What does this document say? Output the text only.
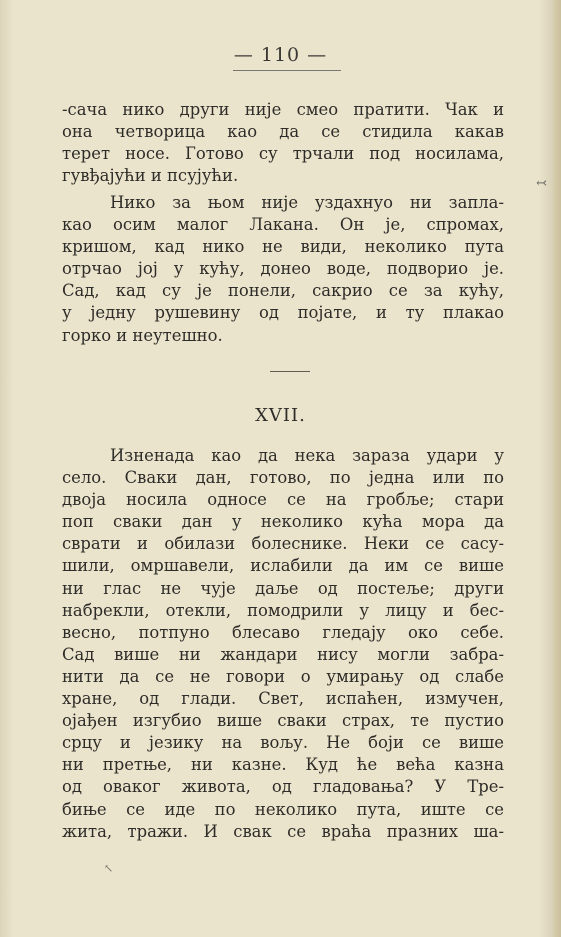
— 110 —
-сача нико други није смео пратити. Чак и
она четворица као да се стидила какав
терет носе. Готово су трчали под носилама,
гувђајући и псујући.
Нико за њом није уздахнуо ни запла-
као осим малог Лакана. Он је, спромах,
кришом, кад нико не види, неколико пута
отрчао јој у кућу, донео воде, подворио је.
Сад, кад су је понели, сакрио се за кућу,
у једну рушевину од појате, и ту плакао
горко и неутешно.
XVII.
Изненада као да нека зараза удари у
село. Сваки дан, готово, по једна или по
двоја носила односе се на гробље; стари
поп сваки дан у неколико кућа мора да
сврати и обилази болеснике. Неки се сасу-
шили, омршавели, ислабили да им се више
ни глас не чује даље од постеље; други
набрекли, отекли, помодрили у лицу и бес-
весно, потпуно блесаво гледају око себе.
Сад више ни жандари нису могли забра-
нити да се не говори о умирању од слабе
хране, од глади. Свет, испаћен, измучен,
ојађен изгубио више сваки страх, те пустио
срцу и језику на вољу. Не боји се више
ни претње, ни казне. Куд ће већа казна
од оваког живота, од гладовања? У Тре-
биње се иде по неколико пута, иште се
жита, тражи. И свак се враћа празних ша-
↢
↖
